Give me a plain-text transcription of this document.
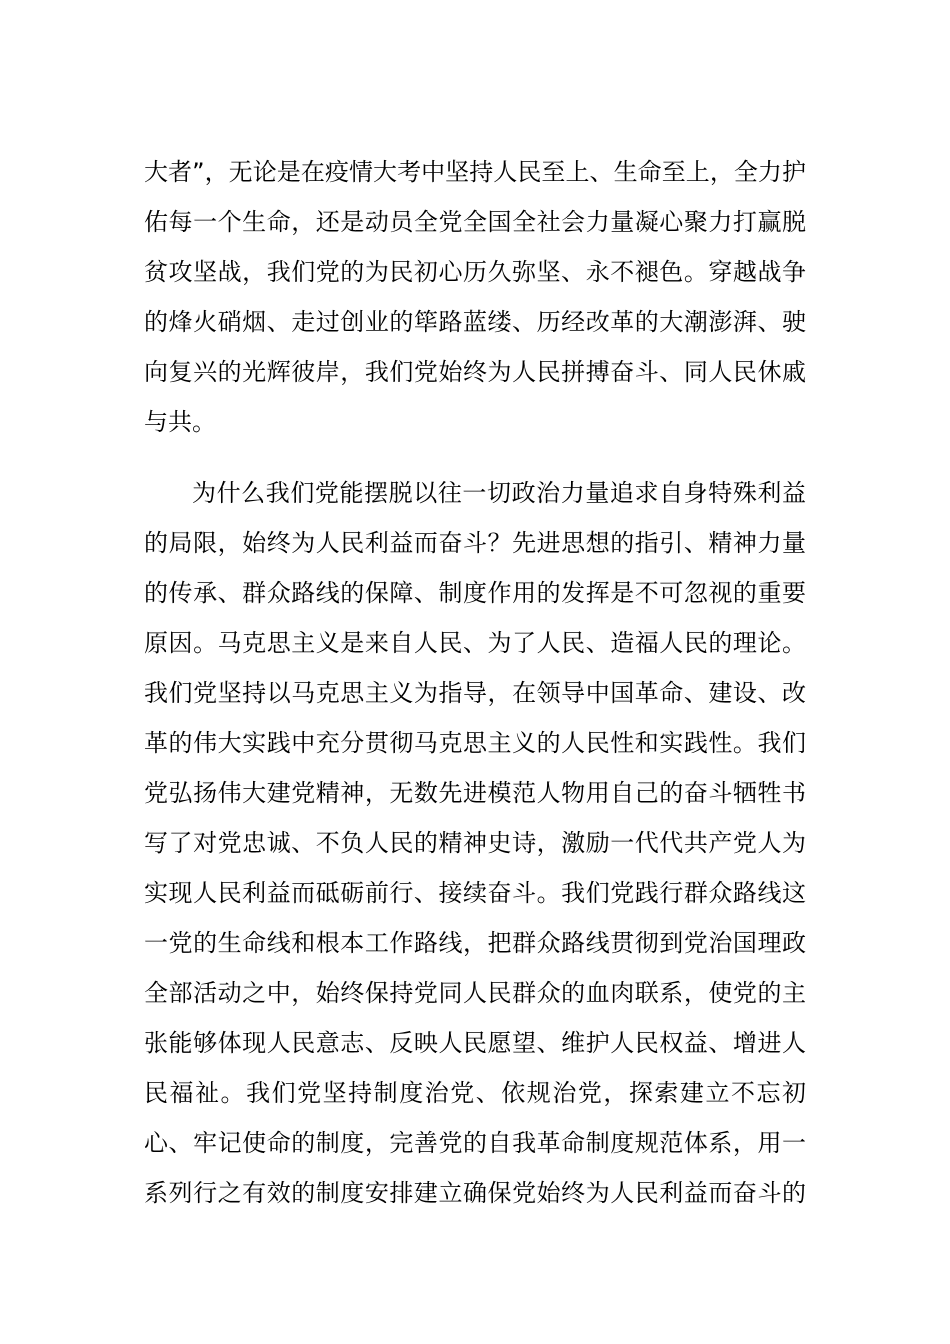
大者”，无论是在疫情大考中坚持人民至上、生命至上，全力护
佑每一个生命，还是动员全党全国全社会力量凝心聚力打赢脱
贫攻坚战，我们党的为民初心历久弥坚、永不褪色。穿越战争
的烽火硝烟、走过创业的筚路蓝缕、历经改革的大潮澎湃、驶
向复兴的光辉彼岸，我们党始终为人民拼搏奋斗、同人民休戚
与共。
为什么我们党能摆脱以往一切政治力量追求自身特殊利益
的局限，始终为人民利益而奋斗？先进思想的指引、精神力量
的传承、群众路线的保障、制度作用的发挥是不可忽视的重要
原因。马克思主义是来自人民、为了人民、造福人民的理论。
我们党坚持以马克思主义为指导，在领导中国革命、建设、改
革的伟大实践中充分贯彻马克思主义的人民性和实践性。我们
党弘扬伟大建党精神，无数先进模范人物用自己的奋斗牺牲书
写了对党忠诚、不负人民的精神史诗，激励一代代共产党人为
实现人民利益而砥砺前行、接续奋斗。我们党践行群众路线这
一党的生命线和根本工作路线，把群众路线贯彻到党治国理政
全部活动之中，始终保持党同人民群众的血肉联系，使党的主
张能够体现人民意志、反映人民愿望、维护人民权益、增进人
民福祉。我们党坚持制度治党、依规治党，探索建立不忘初
心、牢记使命的制度，完善党的自我革命制度规范体系，用一
系列行之有效的制度安排建立确保党始终为人民利益而奋斗的
